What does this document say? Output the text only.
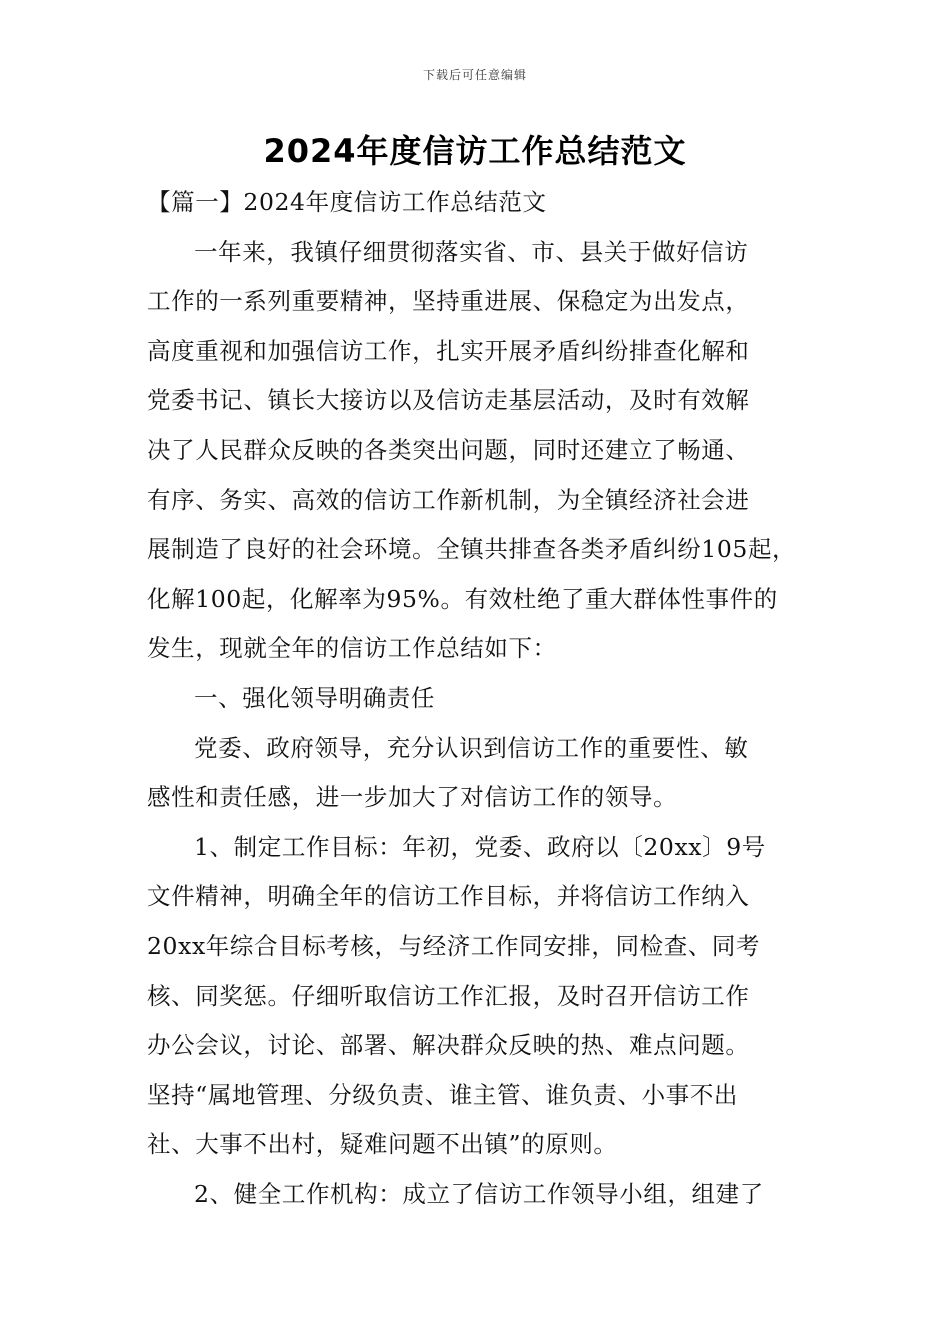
下载后可任意编辑
2024年度信访工作总结范文
【篇一】2024年度信访工作总结范文
一年来，我镇仔细贯彻落实省、市、县关于做好信访
工作的一系列重要精神，坚持重进展、保稳定为出发点，
高度重视和加强信访工作，扎实开展矛盾纠纷排查化解和
党委书记、镇长大接访以及信访走基层活动，及时有效解
决了人民群众反映的各类突出问题，同时还建立了畅通、
有序、务实、高效的信访工作新机制，为全镇经济社会进
展制造了良好的社会环境。全镇共排查各类矛盾纠纷105起，
化解100起，化解率为95%。有效杜绝了重大群体性事件的
发生，现就全年的信访工作总结如下：
一、强化领导明确责任
党委、政府领导，充分认识到信访工作的重要性、敏
感性和责任感，进一步加大了对信访工作的领导。
1、制定工作目标：年初，党委、政府以〔20xx〕9号
文件精神，明确全年的信访工作目标，并将信访工作纳入
20xx年综合目标考核，与经济工作同安排，同检查、同考
核、同奖惩。仔细听取信访工作汇报，及时召开信访工作
办公会议，讨论、部署、解决群众反映的热、难点问题。
坚持“属地管理、分级负责、谁主管、谁负责、小事不出
社、大事不出村，疑难问题不出镇”的原则。
2、健全工作机构：成立了信访工作领导小组，组建了
